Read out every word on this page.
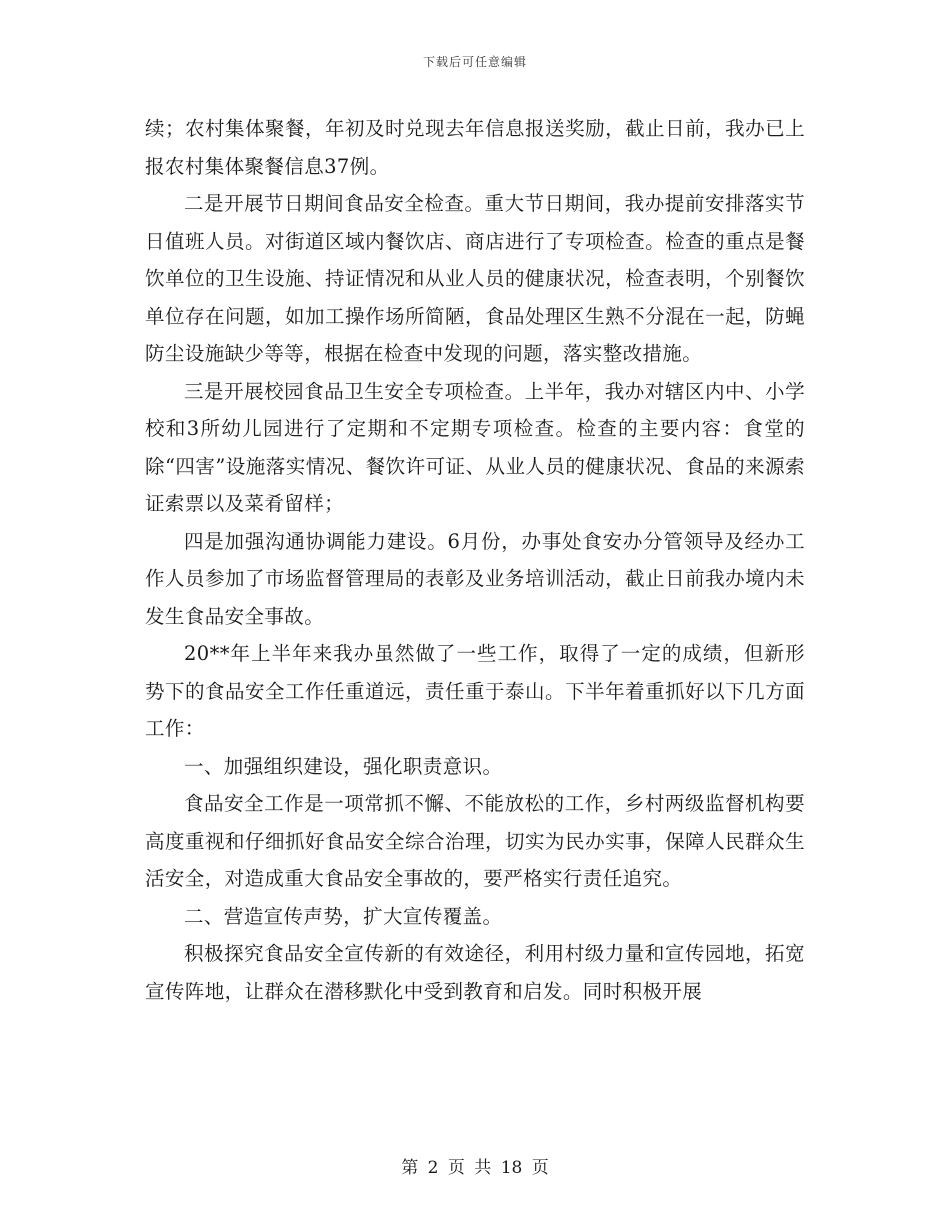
下载后可任意编辑

续；农村集体聚餐，年初及时兑现去年信息报送奖励，截止日前，我办已上报农村集体聚餐信息37例。

二是开展节日期间食品安全检查。重大节日期间，我办提前安排落实节日值班人员。对街道区域内餐饮店、商店进行了专项检查。检查的重点是餐饮单位的卫生设施、持证情况和从业人员的健康状况，检查表明，个别餐饮单位存在问题，如加工操作场所简陋，食品处理区生熟不分混在一起，防蝇防尘设施缺少等等，根据在检查中发现的问题，落实整改措施。

三是开展校园食品卫生安全专项检查。上半年，我办对辖区内中、小学校和3所幼儿园进行了定期和不定期专项检查。检查的主要内容：食堂的除“四害”设施落实情况、餐饮许可证、从业人员的健康状况、食品的来源索证索票以及菜肴留样；

四是加强沟通协调能力建设。6月份，办事处食安办分管领导及经办工作人员参加了市场监督管理局的表彰及业务培训活动，截止日前我办境内未发生食品安全事故。

20**年上半年来我办虽然做了一些工作，取得了一定的成绩，但新形势下的食品安全工作任重道远，责任重于泰山。下半年着重抓好以下几方面工作：

一、加强组织建设，强化职责意识。

食品安全工作是一项常抓不懈、不能放松的工作，乡村两级监督机构要高度重视和仔细抓好食品安全综合治理，切实为民办实事，保障人民群众生活安全，对造成重大食品安全事故的，要严格实行责任追究。

二、营造宣传声势，扩大宣传覆盖。

积极探究食品安全宣传新的有效途径，利用村级力量和宣传园地，拓宽宣传阵地，让群众在潜移默化中受到教育和启发。同时积极开展

第 2 页 共 18 页
